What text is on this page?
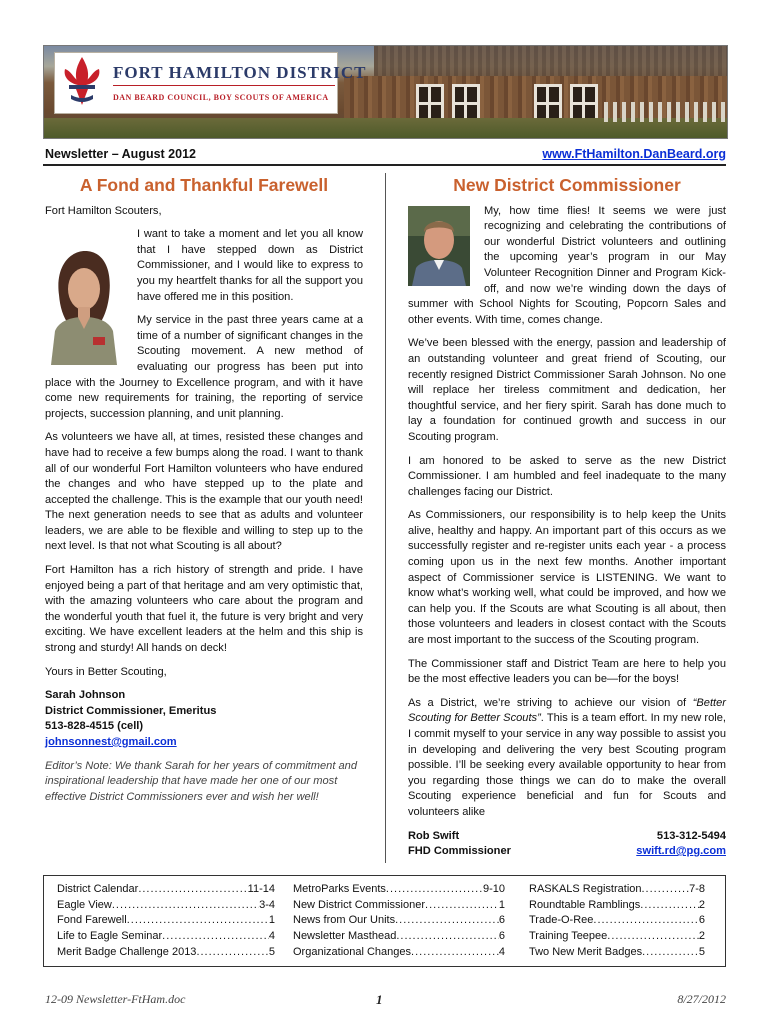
FORT HAMILTON DISTRICT
DAN BEARD COUNCIL, BOY SCOUTS OF AMERICA
Newsletter – August 2012	www.FtHamilton.DanBeard.org
A Fond and Thankful Farewell

Fort Hamilton Scouters,

I want to take a moment and let you all know that I have stepped down as District Commissioner, and I would like to express to you my heartfelt thanks for all the support you have offered me in this position.

My service in the past three years came at a time of a number of significant changes in the Scouting movement. A new method of evaluating our progress has been put into place with the Journey to Excellence program, and with it have come new requirements for training, the reporting of service projects, succession planning, and unit planning.

As volunteers we have all, at times, resisted these changes and have had to receive a few bumps along the road. I want to thank all of our wonderful Fort Hamilton volunteers who have endured the changes and who have stepped up to the plate and accepted the challenge. This is the example that our youth need! The next generation needs to see that as adults and volunteer leaders, we are able to be flexible and willing to step up to the next level. Is that not what Scouting is all about?

Fort Hamilton has a rich history of strength and pride. I have enjoyed being a part of that heritage and am very optimistic that, with the amazing volunteers who care about the program and the wonderful youth that fuel it, the future is very bright and very exciting. We have excellent leaders at the helm and this ship is strong and sturdy! All hands on deck!

Yours in Better Scouting,

Sarah Johnson
District Commissioner, Emeritus
513-828-4515 (cell)
johnsonnest@gmail.com

Editor’s Note: We thank Sarah for her years of commitment and inspirational leadership that have made her one of our most effective District Commissioners ever and wish her well!

New District Commissioner

My, how time flies! It seems we were just recognizing and celebrating the contributions of our wonderful District volunteers and outlining the upcoming year’s program in our May Volunteer Recognition Dinner and Program Kick-off, and now we’re winding down the days of summer with School Nights for Scouting, Popcorn Sales and other events. With time, comes change.

We’ve been blessed with the energy, passion and leadership of an outstanding volunteer and great friend of Scouting, our recently resigned District Commissioner Sarah Johnson. No one will replace her tireless commitment and dedication, her thoughtful service, and her fiery spirit. Sarah has done much to lay a foundation for continued growth and success in our Scouting program.

I am honored to be asked to serve as the new District Commissioner. I am humbled and feel inadequate to the many challenges facing our District.

As Commissioners, our responsibility is to help keep the Units alive, healthy and happy. An important part of this occurs as we successfully register and re-register units each year - a process coming upon us in the next few months. Another important aspect of Commissioner service is LISTENING. We want to know what’s working well, what could be improved, and how we can help you. If the Scouts are what Scouting is all about, then those volunteers and leaders in closest contact with the Scouts are most important to the success of the Scouting program.

The Commissioner staff and District Team are here to help you be the most effective leaders you can be—for the boys!

As a District, we’re striving to achieve our vision of “Better Scouting for Better Scouts”. This is a team effort. In my new role, I commit myself to your service in any way possible to assist you in developing and delivering the very best Scouting program possible. I’ll be seeking every available opportunity to hear from you regarding those things we can do to make the overall Scouting experience beneficial and fun for Scouts and volunteers alike

Rob Swift	513-312-5494
FHD Commissioner	swift.rd@pg.com
District Calendar .....	11-14
Eagle View .....	3-4
Fond Farewell .....	1
Life to Eagle Seminar .....	4
Merit Badge Challenge 2013 .....	5
MetroParks Events .....	9-10
New District Commissioner .....	1
News from Our Units .....	6
Newsletter Masthead .....	6
Organizational Changes .....	4
RASKALS Registration .....	7-8
Roundtable Ramblings .....	2
Trade-O-Ree .....	6
Training Teepee .....	2
Two New Merit Badges .....	5
12-09 Newsletter-FtHam.doc	1	8/27/2012
